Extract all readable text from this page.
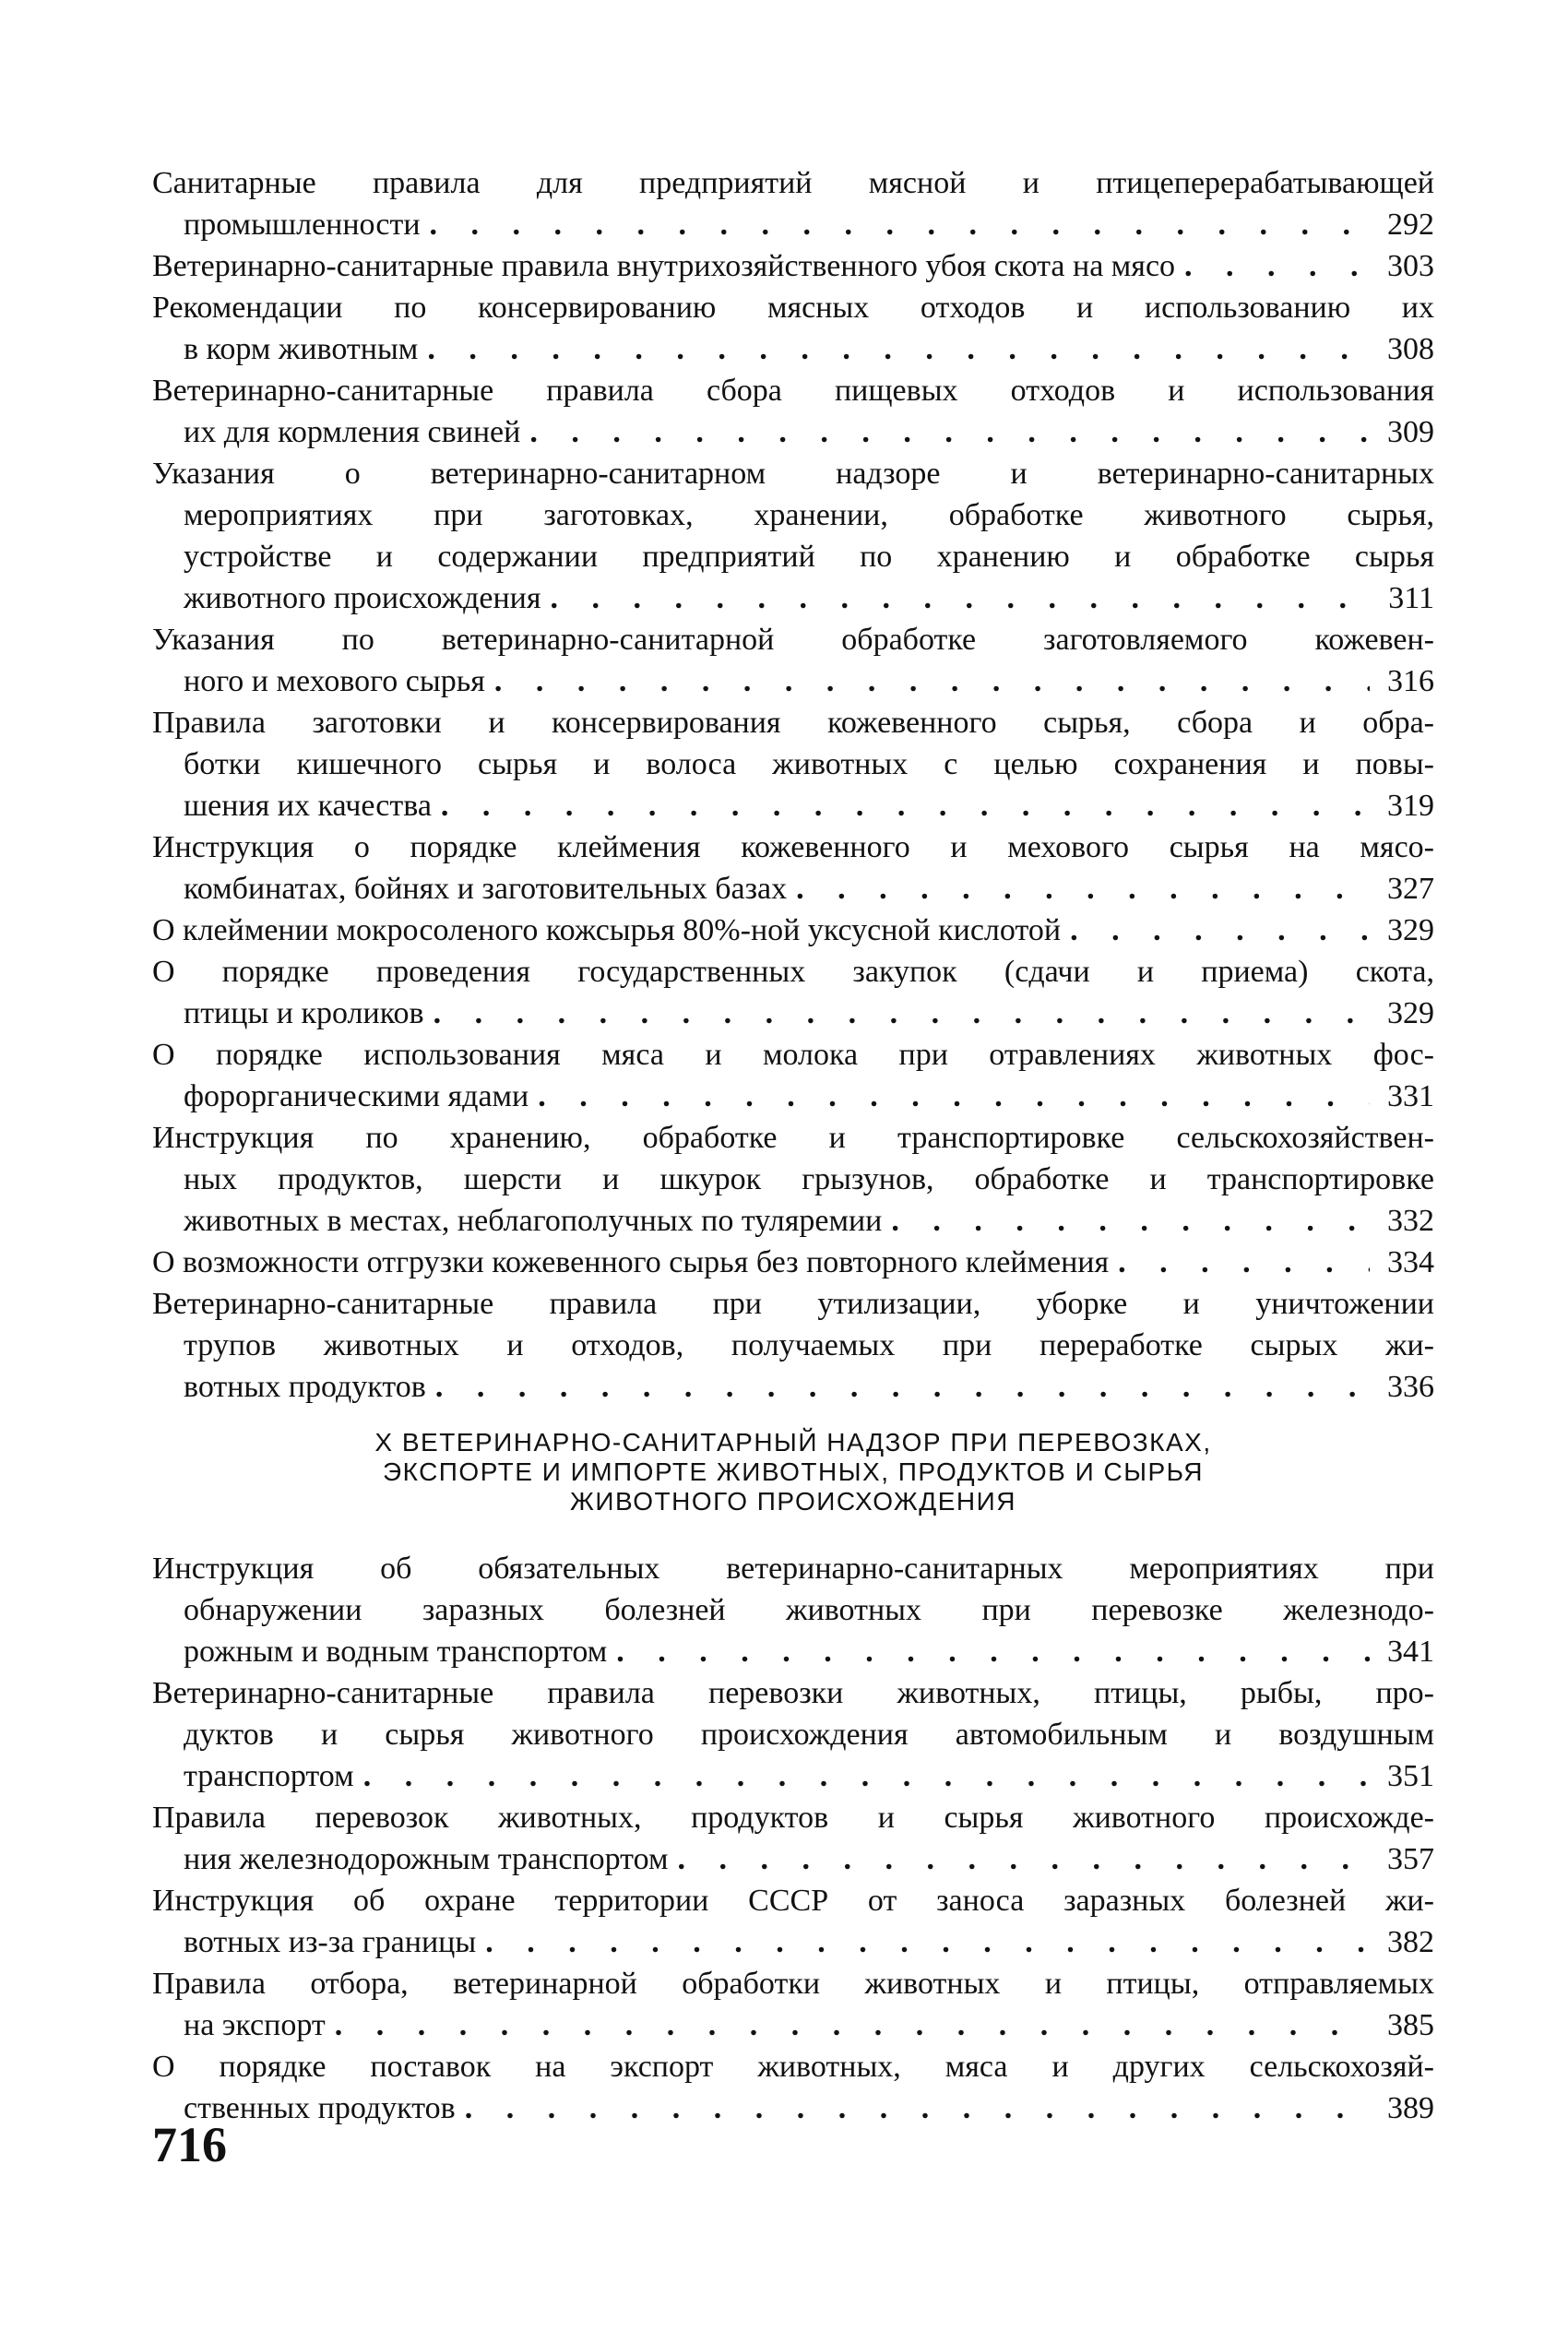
Санитарные правила для предприятий мясной и птицеперерабатывающей
промышленности . . .	292
Ветеринарно-санитарные правила внутрихозяйственного убоя скота на мясо . . .	303
Рекомендации по консервированию мясных отходов и использованию их
в корм животным . . .	308
Ветеринарно-санитарные правила сбора пищевых отходов и использования
их для кормления свиней . . .	309
Указания о ветеринарно-санитарном надзоре и ветеринарно-санитарных
мероприятиях при заготовках, хранении, обработке животного сырья,
устройстве и содержании предприятий по хранению и обработке сырья
животного происхождения . . .	311
Указания по ветеринарно-санитарной обработке заготовляемого кожевен-
ного и мехового сырья . . .	316
Правила заготовки и консервирования кожевенного сырья, сбора и обра-
ботки кишечного сырья и волоса животных с целью сохранения и повы-
шения их качества . . .	319
Инструкция о порядке клеймения кожевенного и мехового сырья на мясо-
комбинатах, бойнях и заготовительных базах . . .	327
О клеймении мокросоленого кожсырья 80%-ной уксусной кислотой . . .	329
О порядке проведения государственных закупок (сдачи и приема) скота,
птицы и кроликов . . .	329
О порядке использования мяса и молока при отравлениях животных фос-
форорганическими ядами . . .	331
Инструкция по хранению, обработке и транспортировке сельскохозяйствен-
ных продуктов, шерсти и шкурок грызунов, обработке и транспортировке
животных в местах, неблагополучных по туляремии . . .	332
О возможности отгрузки кожевенного сырья без повторного клеймения . . .	334
Ветеринарно-санитарные правила при утилизации, уборке и уничтожении
трупов животных и отходов, получаемых при переработке сырых жи-
вотных продуктов . . .	336
X ВЕТЕРИНАРНО-САНИТАРНЫЙ НАДЗОР ПРИ ПЕРЕВОЗКАХ,
ЭКСПОРТЕ И ИМПОРТЕ ЖИВОТНЫХ, ПРОДУКТОВ И СЫРЬЯ
ЖИВОТНОГО ПРОИСХОЖДЕНИЯ
Инструкция об обязательных ветеринарно-санитарных мероприятиях при
обнаружении заразных болезней животных при перевозке железнодо-
рожным и водным транспортом . . .	341
Ветеринарно-санитарные правила перевозки животных, птицы, рыбы, про-
дуктов и сырья животного происхождения автомобильным и воздушным
транспортом . . .	351
Правила перевозок животных, продуктов и сырья животного происхожде-
ния железнодорожным транспортом . . .	357
Инструкция об охране территории СССР от заноса заразных болезней жи-
вотных из-за границы . . .	382
Правила отбора, ветеринарной обработки животных и птицы, отправляемых
на экспорт . . .	385
О порядке поставок на экспорт животных, мяса и других сельскохозяй-
ственных продуктов . . .	389
716
